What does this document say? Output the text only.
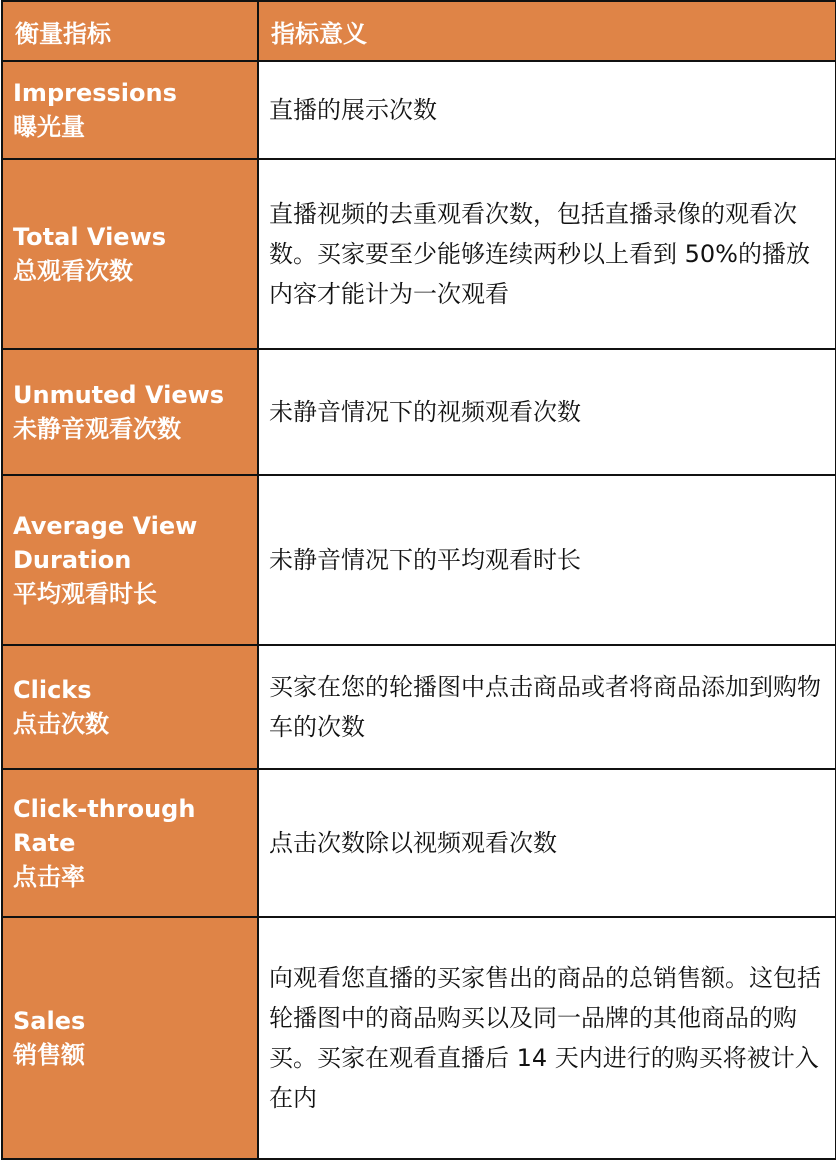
衡量指标	指标意义

Impressions
曝光量	直播的展示次数

Total Views
总观看次数	直播视频的去重观看次数，包括直播录像的观看次数。买家要至少能够连续两秒以上看到 50%的播放内容才能计为一次观看

Unmuted Views
未静音观看次数	未静音情况下的视频观看次数

Average View Duration
平均观看时长	未静音情况下的平均观看时长

Clicks
点击次数	买家在您的轮播图中点击商品或者将商品添加到购物车的次数

Click-through Rate
点击率	点击次数除以视频观看次数

Sales
销售额	向观看您直播的买家售出的商品的总销售额。这包括轮播图中的商品购买以及同一品牌的其他商品的购买。买家在观看直播后 14 天内进行的购买将被计入在内
